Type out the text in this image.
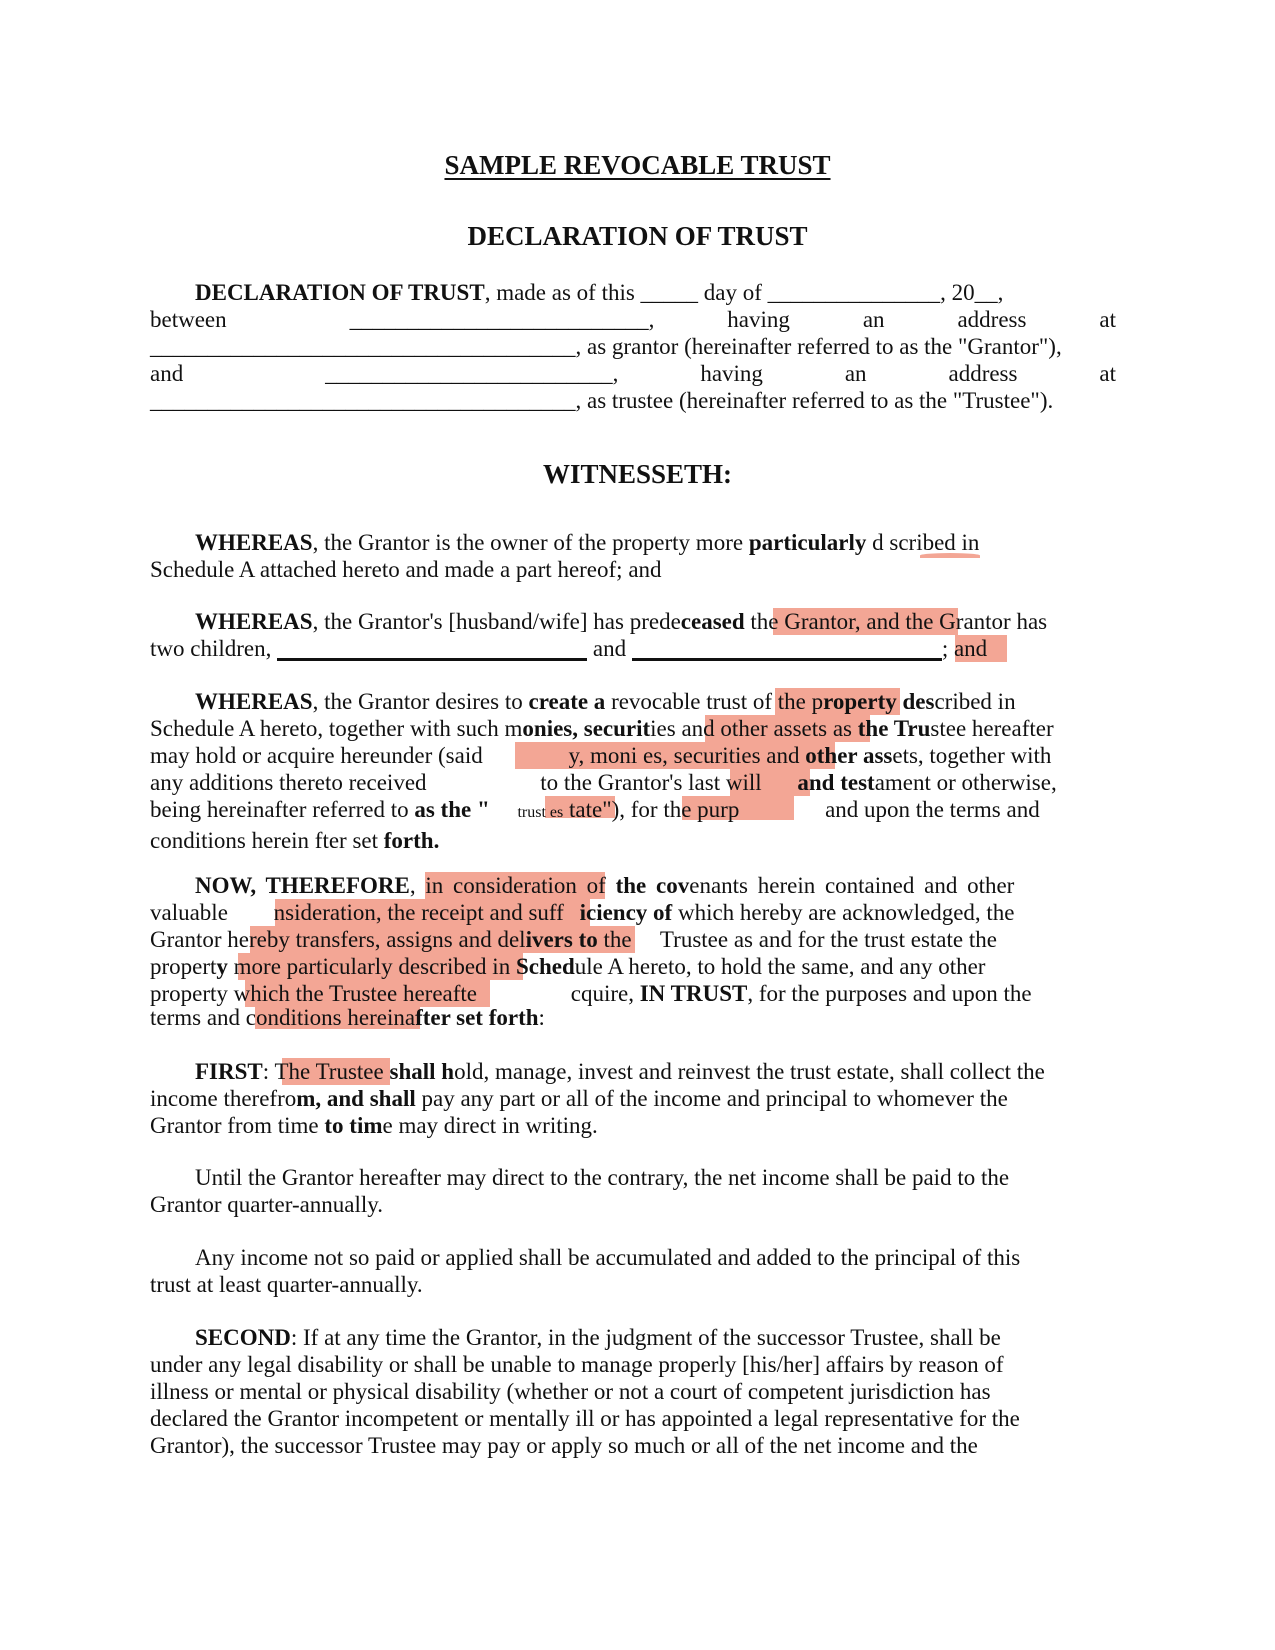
SAMPLE REVOCABLE TRUST
DECLARATION OF TRUST
DECLARATION OF TRUST, made as of this _____ day of _______________, 20__,
between	__________________________,	having	an	address	at
_____________________________________, as grantor (hereinafter referred to as the "Grantor"),
and	_________________________,	having	an	address	at
_____________________________________, as trustee (hereinafter referred to as the "Trustee").
WITNESSETH:
WHEREAS, the Grantor is the owner of the property more particularly d scribed in
Schedule A attached hereto and made a part hereof; and
WHEREAS, the Grantor's [husband/wife] has predeceased the Grantor, and the Grantor has
two children,	and	; and
WHEREAS, the Grantor desires to create a revocable trust of the property described in
Schedule A hereto, together with such monies, securities and other assets as the Trustee hereafter
may hold or acquire hereunder (said	y, moni es, securities and other assets, together with
any additions thereto received	to the Grantor's last will and testament or otherwise,
being hereinafter referred to as the " trust es tate"), for the purp	and upon the terms and
conditions herein fter set forth.
NOW, THEREFORE, in consideration of the covenants herein contained and other
valuable nsideration, the receipt and suff iciency of which hereby are acknowledged, the
Grantor hereby transfers, assigns and delivers to the     Trustee as and for the trust estate the
property more particularly described in Schedule A hereto, to hold the same, and any other
property which the Trustee hereafte	cquire, IN TRUST, for the purposes and upon the
terms and conditions hereinafter set forth:
FIRST: The Trustee shall hold, manage, invest and reinvest the trust estate, shall collect the
income therefrom, and shall pay any part or all of the income and principal to whomever the
Grantor from time to time may direct in writing.
Until the Grantor hereafter may direct to the contrary, the net income shall be paid to the
Grantor quarter-annually.
Any income not so paid or applied shall be accumulated and added to the principal of this
trust at least quarter-annually.
SECOND: If at any time the Grantor, in the judgment of the successor Trustee, shall be
under any legal disability or shall be unable to manage properly [his/her] affairs by reason of
illness or mental or physical disability (whether or not a court of competent jurisdiction has
declared the Grantor incompetent or mentally ill or has appointed a legal representative for the
Grantor), the successor Trustee may pay or apply so much or all of the net income and the
